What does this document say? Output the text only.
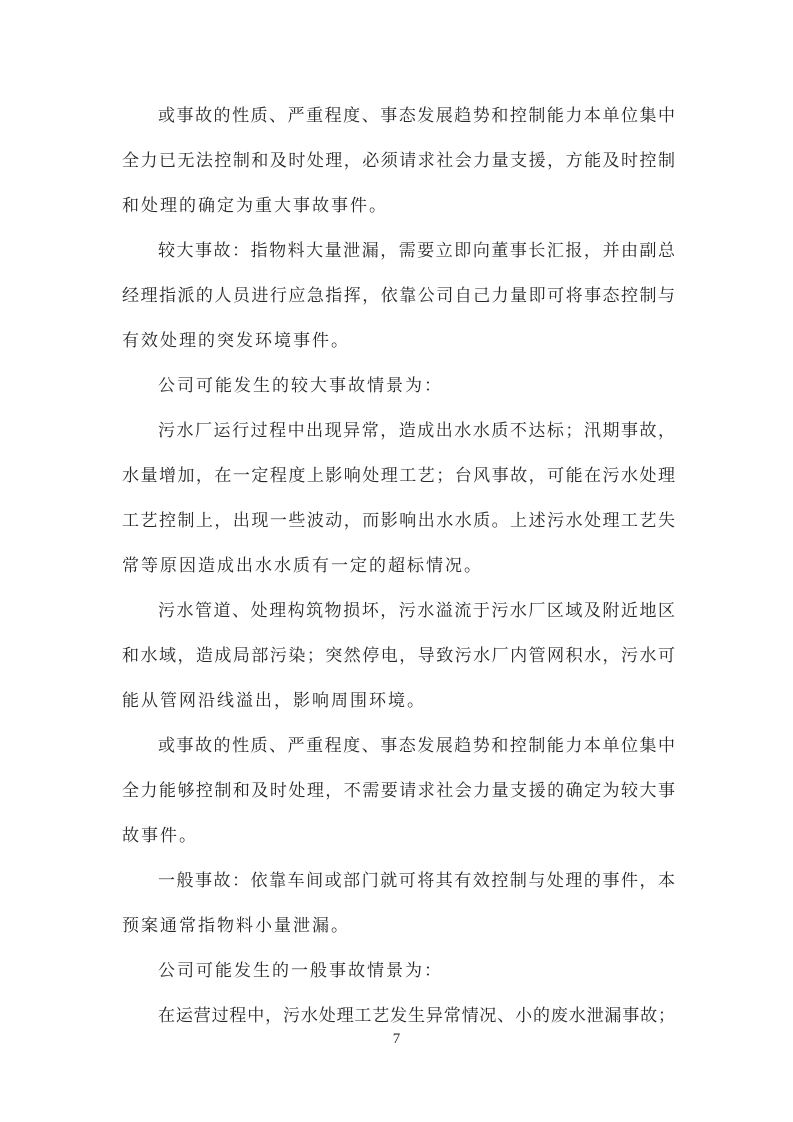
或事故的性质、严重程度、事态发展趋势和控制能力本单位集中
全力已无法控制和及时处理，必须请求社会力量支援，方能及时控制
和处理的确定为重大事故事件。
较大事故：指物料大量泄漏，需要立即向董事长汇报，并由副总
经理指派的人员进行应急指挥，依靠公司自己力量即可将事态控制与
有效处理的突发环境事件。
公司可能发生的较大事故情景为：
污水厂运行过程中出现异常，造成出水水质不达标；汛期事故，
水量增加，在一定程度上影响处理工艺；台风事故，可能在污水处理
工艺控制上，出现一些波动，而影响出水水质。上述污水处理工艺失
常等原因造成出水水质有一定的超标情况。
污水管道、处理构筑物损坏，污水溢流于污水厂区域及附近地区
和水域，造成局部污染；突然停电，导致污水厂内管网积水，污水可
能从管网沿线溢出，影响周围环境。
或事故的性质、严重程度、事态发展趋势和控制能力本单位集中
全力能够控制和及时处理，不需要请求社会力量支援的确定为较大事
故事件。
一般事故：依靠车间或部门就可将其有效控制与处理的事件，本
预案通常指物料小量泄漏。
公司可能发生的一般事故情景为：
在运营过程中，污水处理工艺发生异常情况、小的废水泄漏事故；
7
